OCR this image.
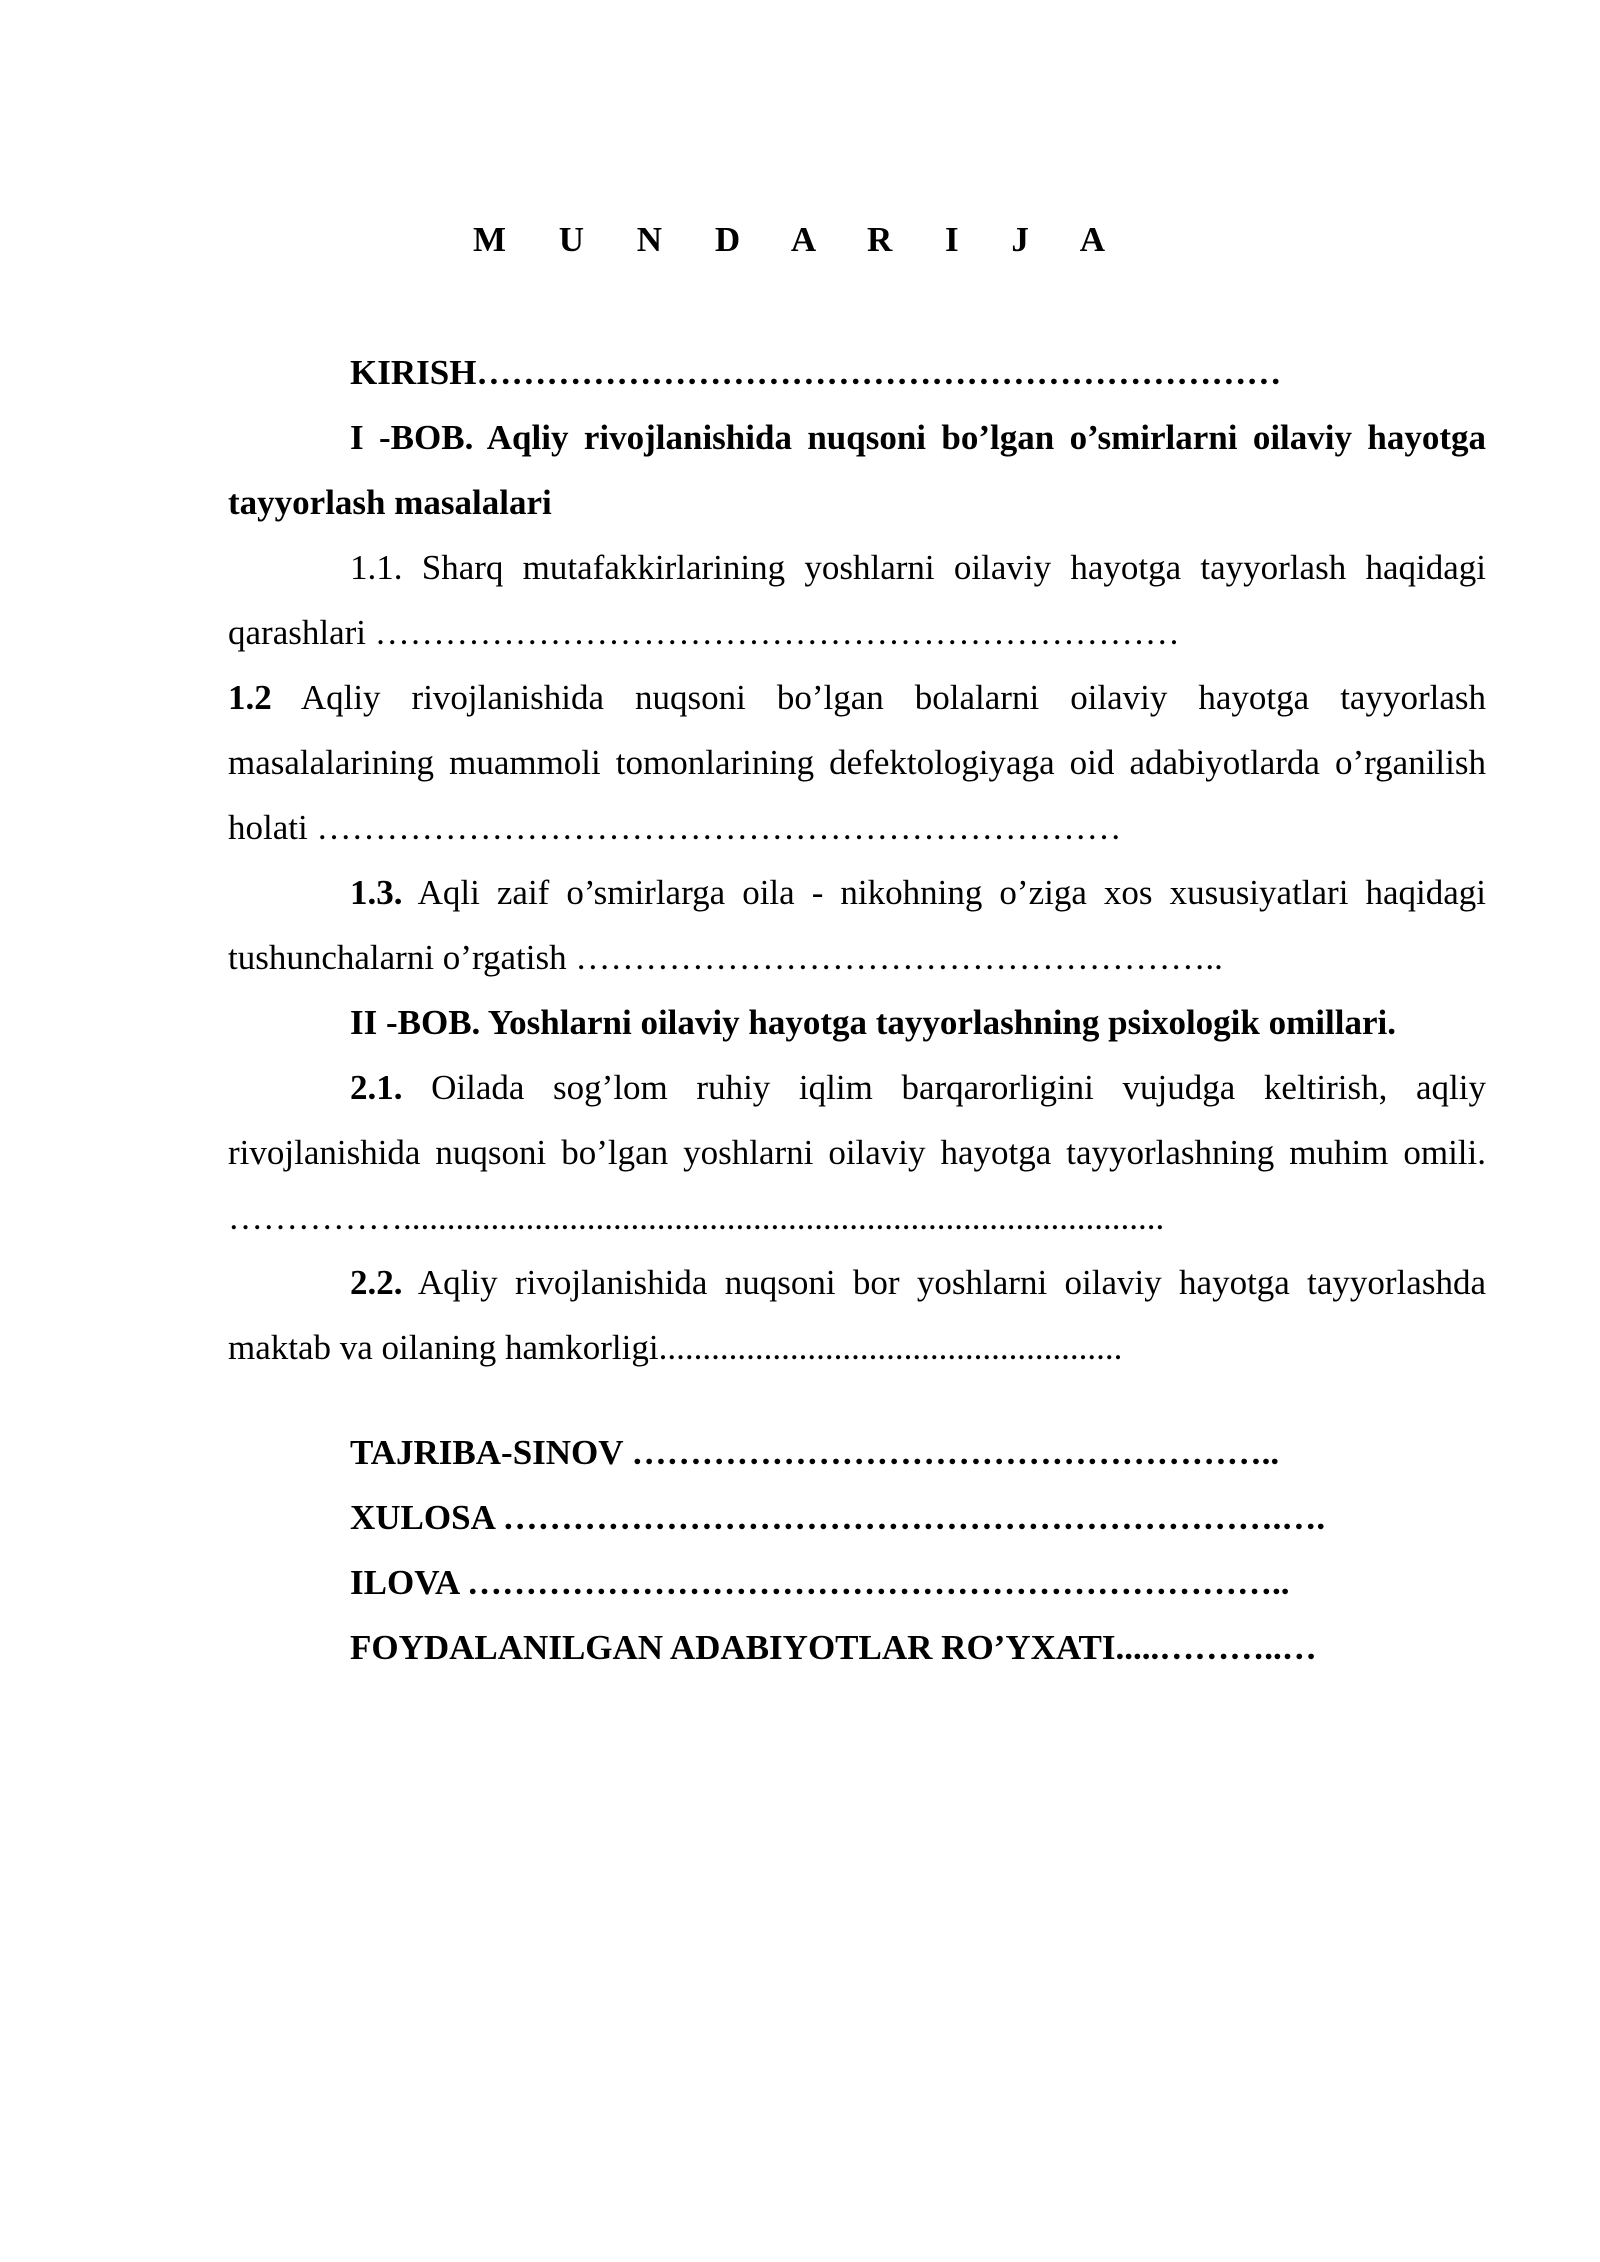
M U N D A R I J A

KIRISH……………………………………………………………

I -BOB. Aqliy rivojlanishida nuqsoni bo’lgan o’smirlarni oilaviy hayotga tayyorlash masalalari

1.1. Sharq mutafakkirlarining yoshlarni oilaviy hayotga tayyorlash haqidagi qarashlari ……………………………………………………………

1.2 Aqliy rivojlanishida nuqsoni bo’lgan bolalarni oilaviy hayotga tayyorlash masalalarining muammoli tomonlarining defektologiyaga oid adabiyotlarda o’rganilish holati ……………………………………………………………

1.3. Aqli zaif o’smirlarga oila - nikohning o’ziga xos xususiyatlari haqidagi tushunchalarni o’rgatish ………………………………………………..

II -BOB. Yoshlarni oilaviy hayotga tayyorlashning psixologik omillari.

2.1. Oilada sog’lom ruhiy iqlim barqarorligini vujudga keltirish, aqliy rivojlanishida nuqsoni bo’lgan yoshlarni oilaviy hayotga tayyorlashning muhim omili. …………….......................................................................................

2.2. Aqliy rivojlanishida nuqsoni bor yoshlarni oilaviy hayotga tayyorlashda maktab va oilaning hamkorligi.....................................................

TAJRIBA-SINOV ………………………………………………..

XULOSA ………………………………………………………….….

ILOVA ……………………………………………………………..

FOYDALANILGAN ADABIYOTLAR RO’YXATI.....………..…
